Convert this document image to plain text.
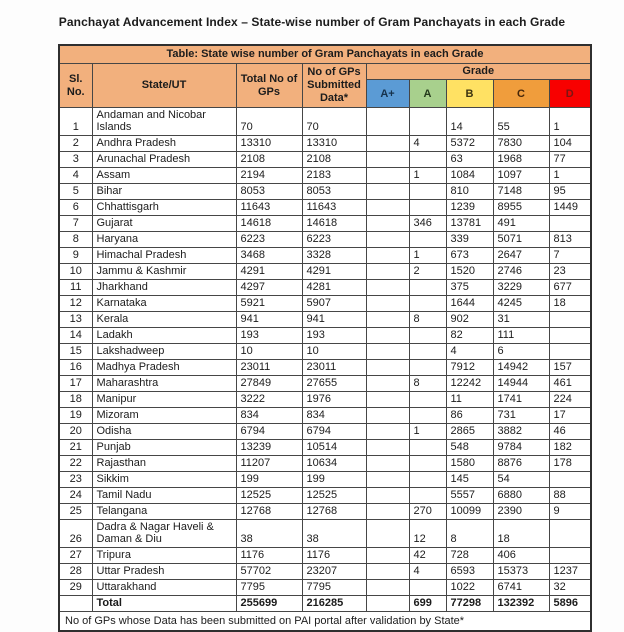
Panchayat Advancement Index – State-wise number of Gram Panchayats in each Grade
Table: State wise number of Gram Panchayats in each Grade								
Sl. No.	State/UT	Total No of GPs	No of GPs Submitted Data*	Grade				
				A+	A	B	C	D
1	Andaman and Nicobar Islands	70	70			14	55	1
2	Andhra Pradesh	13310	13310		4	5372	7830	104
3	Arunachal Pradesh	2108	2108			63	1968	77
4	Assam	2194	2183		1	1084	1097	1
5	Bihar	8053	8053			810	7148	95
6	Chhattisgarh	11643	11643			1239	8955	1449
7	Gujarat	14618	14618		346	13781	491	
8	Haryana	6223	6223			339	5071	813
9	Himachal Pradesh	3468	3328		1	673	2647	7
10	Jammu & Kashmir	4291	4291		2	1520	2746	23
11	Jharkhand	4297	4281			375	3229	677
12	Karnataka	5921	5907			1644	4245	18
13	Kerala	941	941		8	902	31	
14	Ladakh	193	193			82	111	
15	Lakshadweep	10	10			4	6	
16	Madhya Pradesh	23011	23011			7912	14942	157
17	Maharashtra	27849	27655		8	12242	14944	461
18	Manipur	3222	1976			11	1741	224
19	Mizoram	834	834			86	731	17
20	Odisha	6794	6794		1	2865	3882	46
21	Punjab	13239	10514			548	9784	182
22	Rajasthan	11207	10634			1580	8876	178
23	Sikkim	199	199			145	54	
24	Tamil Nadu	12525	12525			5557	6880	88
25	Telangana	12768	12768		270	10099	2390	9
26	Dadra & Nagar Haveli & Daman & Diu	38	38		12	8	18	
27	Tripura	1176	1176		42	728	406	
28	Uttar Pradesh	57702	23207		4	6593	15373	1237
29	Uttarakhand	7795	7795			1022	6741	32
	Total	255699	216285		699	77298	132392	5896
No of GPs whose Data has been submitted on PAI portal after validation by State*								
